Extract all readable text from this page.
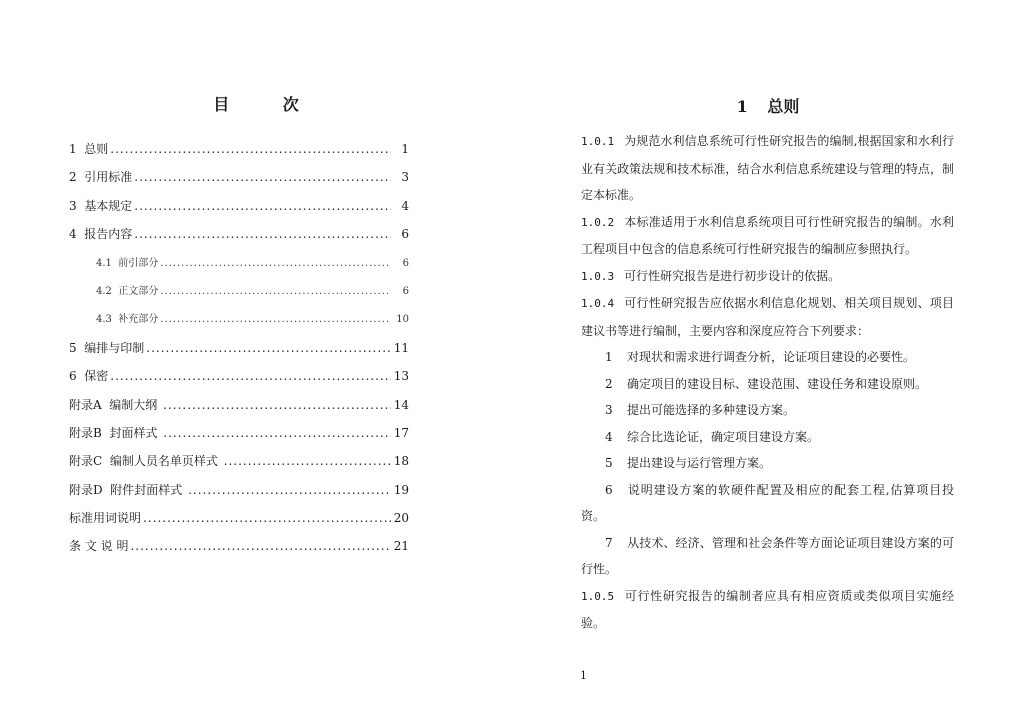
目 次
1 总则 .....	1
2 引用标准 .....	3
3 基本规定 .....	4
4 报告内容 .....	6
4.1 前引部分 .....	6
4.2 正文部分 .....	6
4.3 补充部分 .....	10
5 编排与印制 .....	11
6 保密 .....	13
附录A 编制大纲 .....	14
附录B 封面样式 .....	17
附录C 编制人员名单页样式 .....	18
附录D 附件封面样式 .....	19
标准用词说明 .....	20
条 文 说 明 .....	21
1 总则

1.0.1 为规范水利信息系统可行性研究报告的编制,根据国家和水利行业有关政策法规和技术标准，结合水利信息系统建设与管理的特点，制定本标准。

1.0.2 本标准适用于水利信息系统项目可行性研究报告的编制。水利工程项目中包含的信息系统可行性研究报告的编制应参照执行。

1.0.3 可行性研究报告是进行初步设计的依据。

1.0.4 可行性研究报告应依据水利信息化规划、相关项目规划、项目建议书等进行编制，主要内容和深度应符合下列要求：

1 对现状和需求进行调查分析，论证项目建设的必要性。

2 确定项目的建设目标、建设范围、建设任务和建设原则。

3 提出可能选择的多种建设方案。

4 综合比选论证，确定项目建设方案。

5 提出建设与运行管理方案。

6 说明建设方案的软硬件配置及相应的配套工程,估算项目投资。

7 从技术、经济、管理和社会条件等方面论证项目建设方案的可行性。

1.0.5 可行性研究报告的编制者应具有相应资质或类似项目实施经验。

1
